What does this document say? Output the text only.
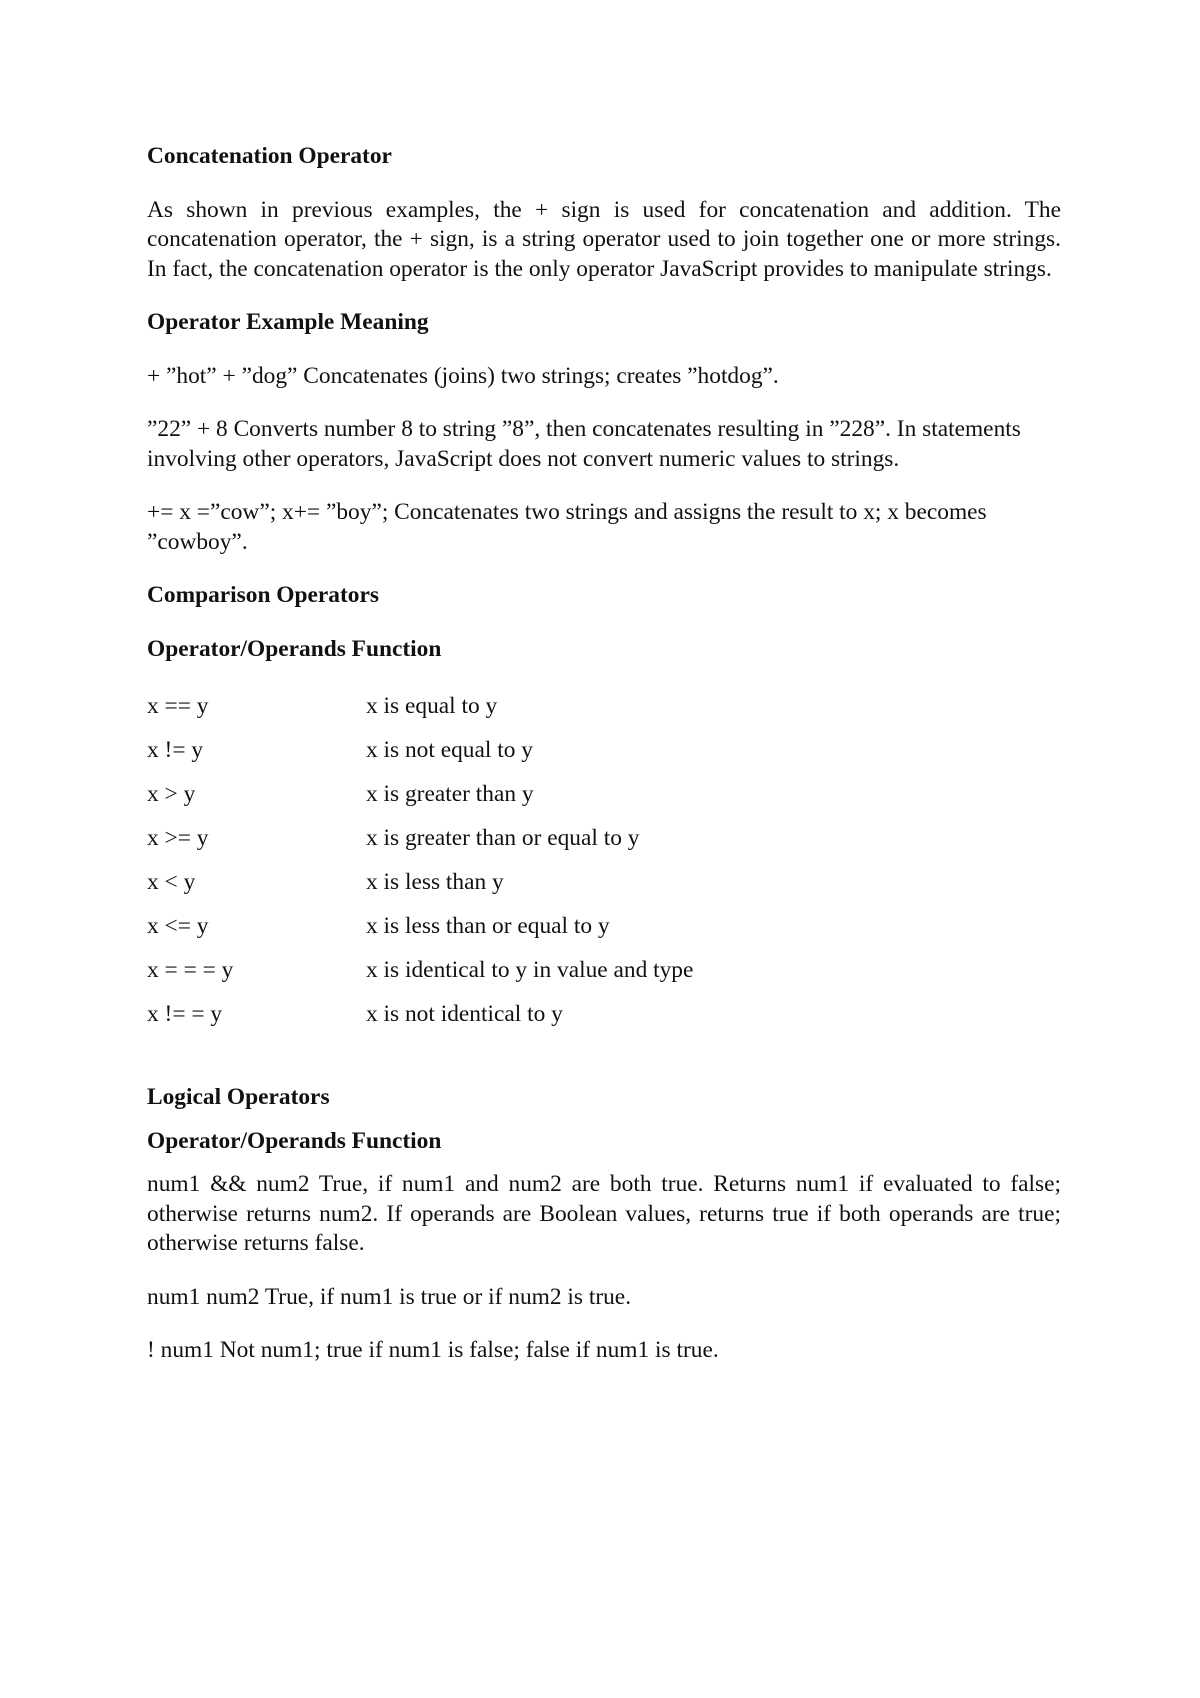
Concatenation Operator

As shown in previous examples, the + sign is used for concatenation and addition. The concatenation operator, the + sign, is a string operator used to join together one or more strings. In fact, the concatenation operator is the only operator JavaScript provides to manipulate strings.

Operator Example Meaning

+ ”hot” + ”dog” Concatenates (joins) two strings; creates ”hotdog”.

”22” + 8 Converts number 8 to string ”8”, then concatenates resulting in ”228”. In statements involving other operators, JavaScript does not convert numeric values to strings.

+= x =”cow”; x+= ”boy”; Concatenates two strings and assigns the result to x; x becomes ”cowboy”.

Comparison Operators
Operator/Operands Function
x == y	x is equal to y
x != y	x is not equal to y
x > y	x is greater than y
x >= y	x is greater than or equal to y
x < y	x is less than y
x <= y	x is less than or equal to y
x = = = y	x is identical to y in value and type
x != = y	x is not identical to y
Logical Operators
Operator/Operands Function

num1 && num2 True, if num1 and num2 are both true. Returns num1 if evaluated to false; otherwise returns num2. If operands are Boolean values, returns true if both operands are true; otherwise returns false.

num1 num2 True, if num1 is true or if num2 is true.

! num1 Not num1; true if num1 is false; false if num1 is true.
